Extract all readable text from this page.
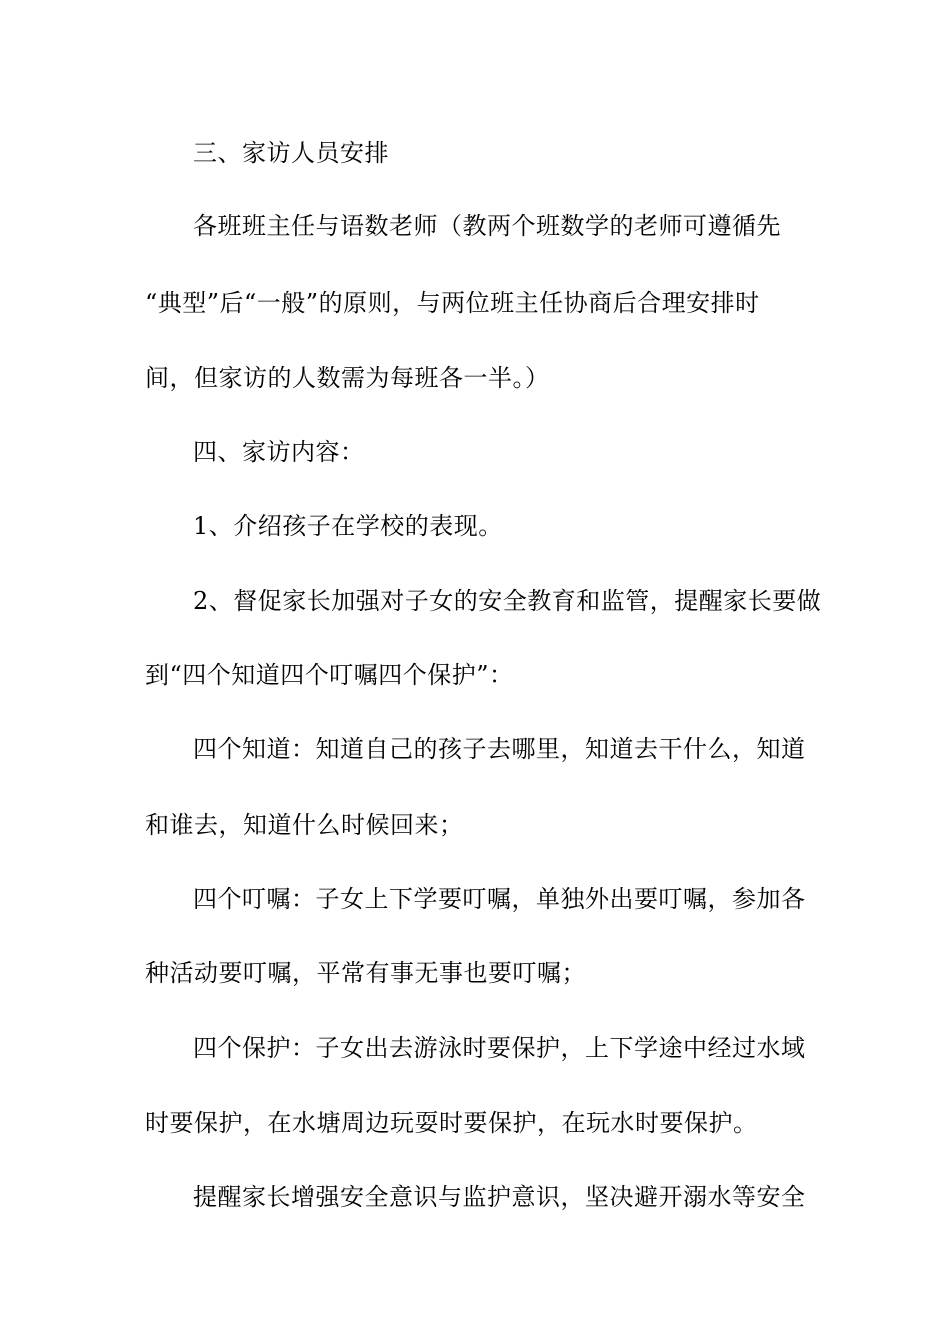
三、家访人员安排
各班班主任与语数老师（教两个班数学的老师可遵循先
“典型”后“一般”的原则，与两位班主任协商后合理安排时
间，但家访的人数需为每班各一半。）
四、家访内容：
1、介绍孩子在学校的表现。
2、督促家长加强对子女的安全教育和监管，提醒家长要做
到“四个知道四个叮嘱四个保护”：
四个知道：知道自己的孩子去哪里，知道去干什么，知道
和谁去，知道什么时候回来；
四个叮嘱：子女上下学要叮嘱，单独外出要叮嘱，参加各
种活动要叮嘱，平常有事无事也要叮嘱；
四个保护：子女出去游泳时要保护，上下学途中经过水域
时要保护，在水塘周边玩耍时要保护，在玩水时要保护。
提醒家长增强安全意识与监护意识，坚决避开溺水等安全
